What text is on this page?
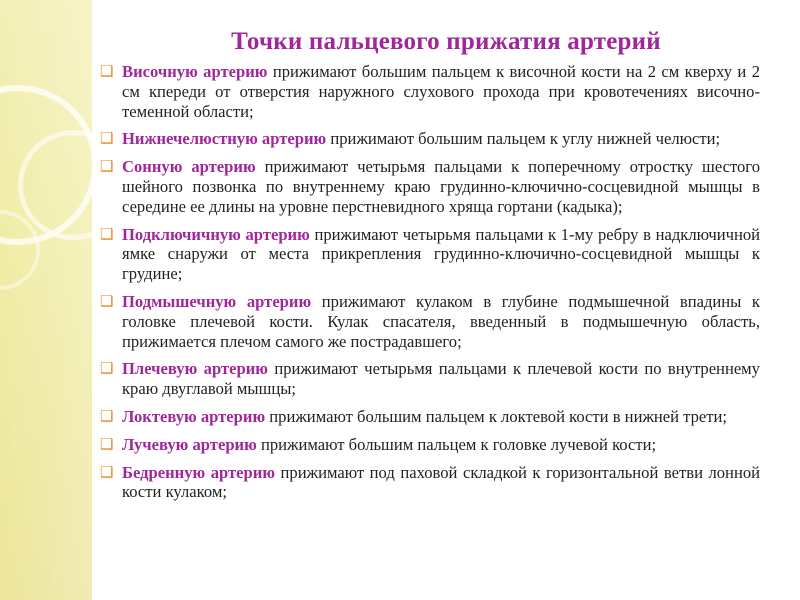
Точки пальцевого прижатия артерий
❑ Височную артерию прижимают большим пальцем к височной кости на 2 см кверху и 2 см кпереди от отверстия наружного слухового прохода при кровотечениях височно-теменной области;
❑ Нижнечелюстную артерию прижимают большим пальцем к углу нижней челюсти;
❑ Сонную артерию прижимают четырьмя пальцами к поперечному отростку шестого шейного позвонка по внутреннему краю грудинно-ключично-сосцевидной мышцы в середине ее длины на уровне перстневидного хряща гортани (кадыка);
❑ Подключичную артерию прижимают четырьмя пальцами к 1-му ребру в надключичной ямке снаружи от места прикрепления грудинно-ключично-сосцевидной мышцы к грудине;
❑ Подмышечную артерию прижимают кулаком в глубине подмышечной впадины к головке плечевой кости. Кулак спасателя, введенный в подмышечную область, прижимается плечом самого же пострадавшего;
❑ Плечевую артерию прижимают четырьмя пальцами к плечевой кости по внутреннему краю двуглавой мышцы;
❑ Локтевую артерию прижимают большим пальцем к локтевой кости в нижней трети;
❑ Лучевую артерию прижимают большим пальцем к головке лучевой кости;
❑ Бедренную артерию прижимают под паховой складкой к горизонтальной ветви лонной кости кулаком;
